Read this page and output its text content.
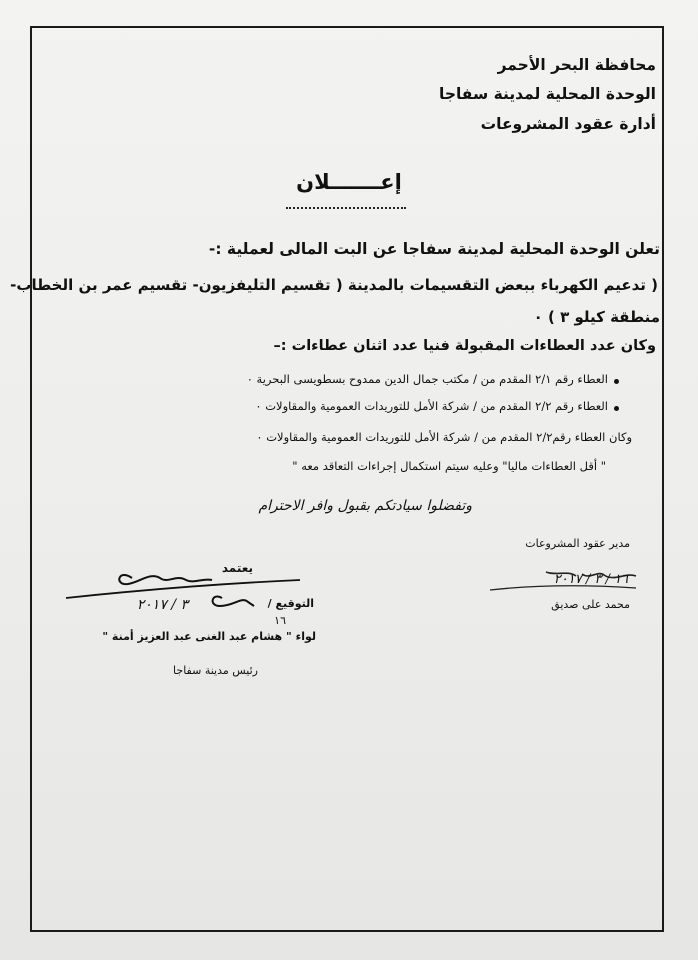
محافظة البحر الأحمر
الوحدة المحلية لمدينة سفاجا
أدارة عقود المشروعات
إعـــــــلان
تعلن الوحدة المحلية لمدينة سفاجا عن البت المالى لعملية :-
( تدعيم الكهرباء ببعض التقسيمات بالمدينة ( تقسيم التليفزيون- تقسيم عمر بن الخطاب-
منطقة كيلو ٣ ) ٠
وكان عدد العطاءات المقبولة فنيا عدد اثنان عطاءات :–
العطاء رقم ٢/١ المقدم من / مكتب جمال الدين ممدوح بسطويسى البحرية ٠
العطاء رقم ٢/٢ المقدم من / شركة الأمل للتوريدات العمومية والمقاولات ٠
وكان العطاء رقم٢/٢ المقدم من / شركة الأمل للتوريدات العمومية والمقاولات ٠
" أقل العطاءات ماليا" وعليه سيتم استكمال إجراءات التعاقد معه "
وتفضلوا سيادتكم بقبول وافر الاحترام
مدير عقود المشروعات
١٦ / ٣ / ٢٠١٧
محمد على صديق
يعتمد
التوقيع /
٣ / ٢٠١٧
١٦
لواء " هشام عبد الغنى عبد العزيز أمنة "
رئيس مدينة سفاجا
